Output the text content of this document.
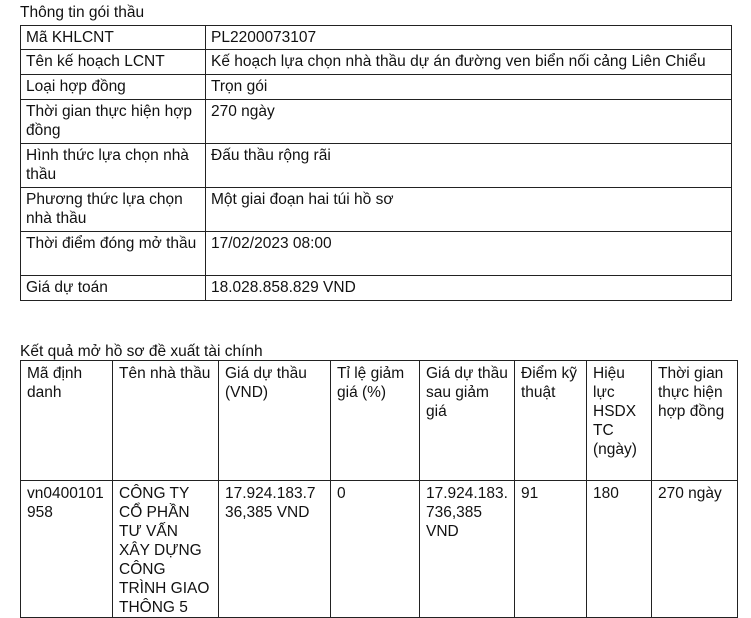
Thông tin gói thầu

Mã KHLCNT	PL2200073107
Tên kế hoạch LCNT	Kế hoạch lựa chọn nhà thầu dự án đường ven biển nối cảng Liên Chiểu
Loại hợp đồng	Trọn gói
Thời gian thực hiện hợp đồng	270 ngày
Hình thức lựa chọn nhà thầu	Đấu thầu rộng rãi
Phương thức lựa chọn nhà thầu	Một giai đoạn hai túi hồ sơ
Thời điểm đóng mở thầu	17/02/2023 08:00
Giá dự toán	18.028.858.829 VND

Kết quả mở hồ sơ đề xuất tài chính

Mã định danh	Tên nhà thầu	Giá dự thầu (VND)	Tỉ lệ giảm giá (%)	Giá dự thầu sau giảm giá	Điểm kỹ thuật	Hiệu lực HSDXTC (ngày)	Thời gian thực hiện hợp đồng
vn0400101958	CÔNG TY CỔ PHẦN TƯ VẤN XÂY DỰNG CÔNG TRÌNH GIAO THÔNG 5	17.924.183.736,385 VND	0	17.924.183.736,385 VND	91	180	270 ngày
